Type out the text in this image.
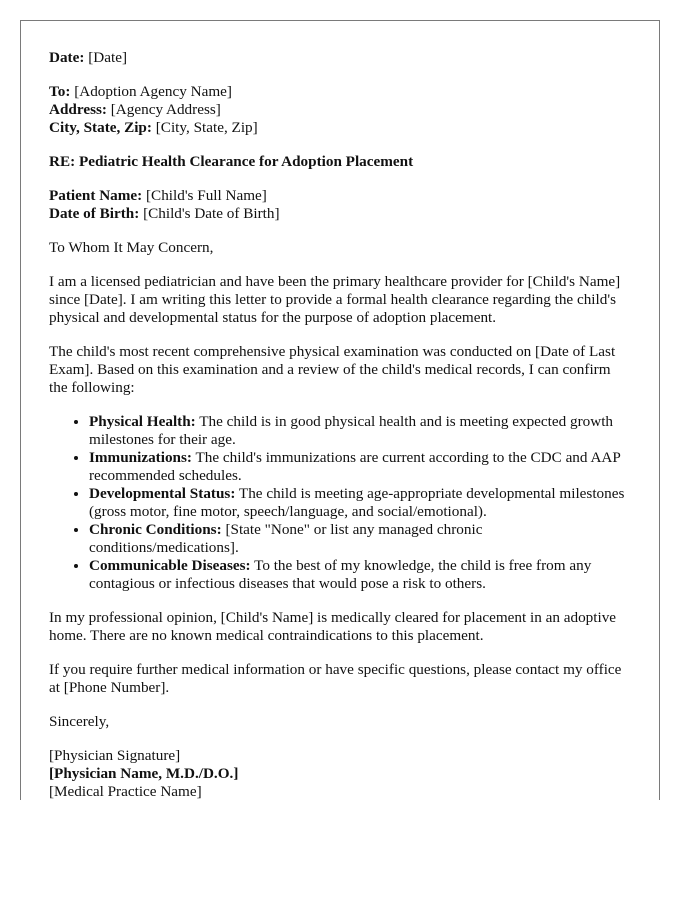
Date: [Date]
To: [Adoption Agency Name]
Address: [Agency Address]
City, State, Zip: [City, State, Zip]

RE: Pediatric Health Clearance for Adoption Placement

Patient Name: [Child's Full Name]
Date of Birth: [Child's Date of Birth]

To Whom It May Concern,

I am a licensed pediatrician and have been the primary healthcare provider for [Child's Name] since [Date]. I am writing this letter to provide a formal health clearance regarding the child's physical and developmental status for the purpose of adoption placement.

The child's most recent comprehensive physical examination was conducted on [Date of Last Exam]. Based on this examination and a review of the child's medical records, I can confirm the following:

• Physical Health: The child is in good physical health and is meeting expected growth milestones for their age.
• Immunizations: The child's immunizations are current according to the CDC and AAP recommended schedules.
• Developmental Status: The child is meeting age-appropriate developmental milestones (gross motor, fine motor, speech/language, and social/emotional).
• Chronic Conditions: [State "None" or list any managed chronic conditions/medications].
• Communicable Diseases: To the best of my knowledge, the child is free from any contagious or infectious diseases that would pose a risk to others.

In my professional opinion, [Child's Name] is medically cleared for placement in an adoptive home. There are no known medical contraindications to this placement.

If you require further medical information or have specific questions, please contact my office at [Phone Number].

Sincerely,

[Physician Signature]
[Physician Name, M.D./D.O.]
[Medical Practice Name]
